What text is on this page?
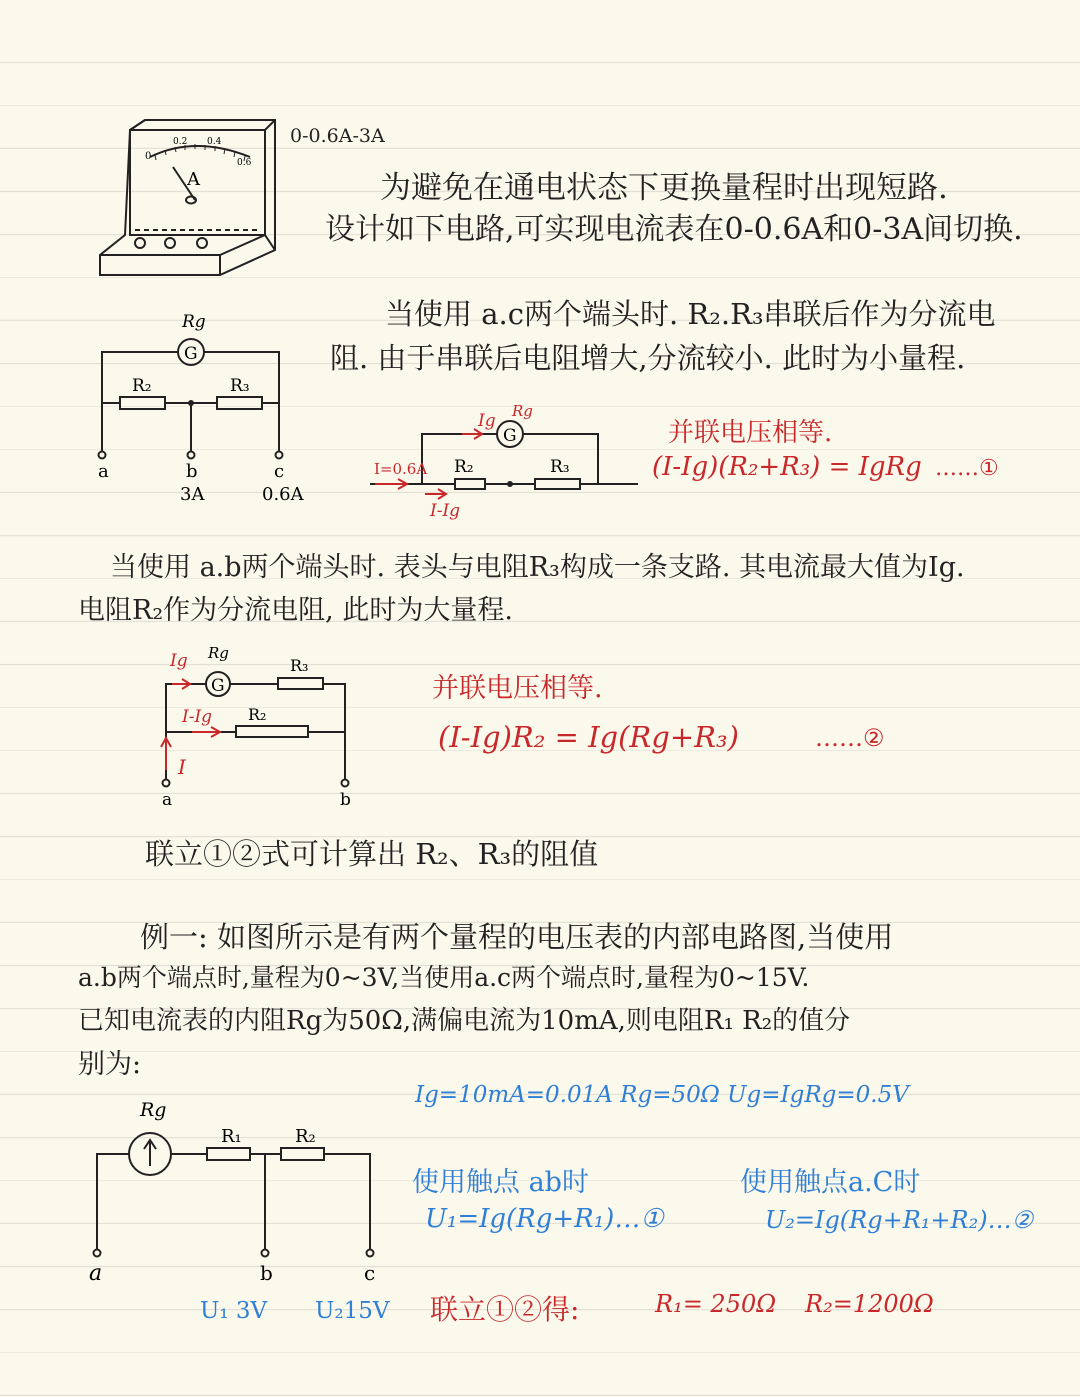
0
0.2 0.4
0.6
A
0-0.6A-3A
为避免在通电状态下更换量程时出现短路.
设计如下电路,可实现电流表在0-0.6A和0-3A间切换.
Rg
G
R₂	R₃
a	b	c
3A	0.6A
当使用 a.c两个端头时. R₂.R₃串联后作为分流电
阻. 由于串联后电阻增大,分流较小. 此时为小量程.
Ig Rg
G
I=0.6A R₂	R₃
I-Ig
并联电压相等.
(I-Ig)(R₂+R₃) = IgRg ……①
当使用 a.b两个端头时. 表头与电阻R₃构成一条支路. 其电流最大值为Ig.
电阻R₂作为分流电阻, 此时为大量程.
Ig Rg
G
R₃
I-Ig R₂
I
a	b
并联电压相等.
(I-Ig)R₂ = Ig(Rg+R₃)	……②
联立①②式可计算出 R₂、R₃的阻值
例一: 如图所示是有两个量程的电压表的内部电路图,当使用
a.b两个端点时,量程为0~3V,当使用a.c两个端点时,量程为0~15V.
已知电流表的内阻Rg为50Ω,满偏电流为10mA,则电阻R₁ R₂的值分
别为:
Rg
R₁	R₂
a	b	c
U₁ 3V U₂15V
Ig=10mA=0.01A Rg=50Ω Ug=IgRg=0.5V
使用触点 ab时	使用触点a.C时
U₁=Ig(Rg+R₁)…①	U₂=Ig(Rg+R₁+R₂)…②
联立①②得:	R₁= 250Ω R₂=1200Ω
